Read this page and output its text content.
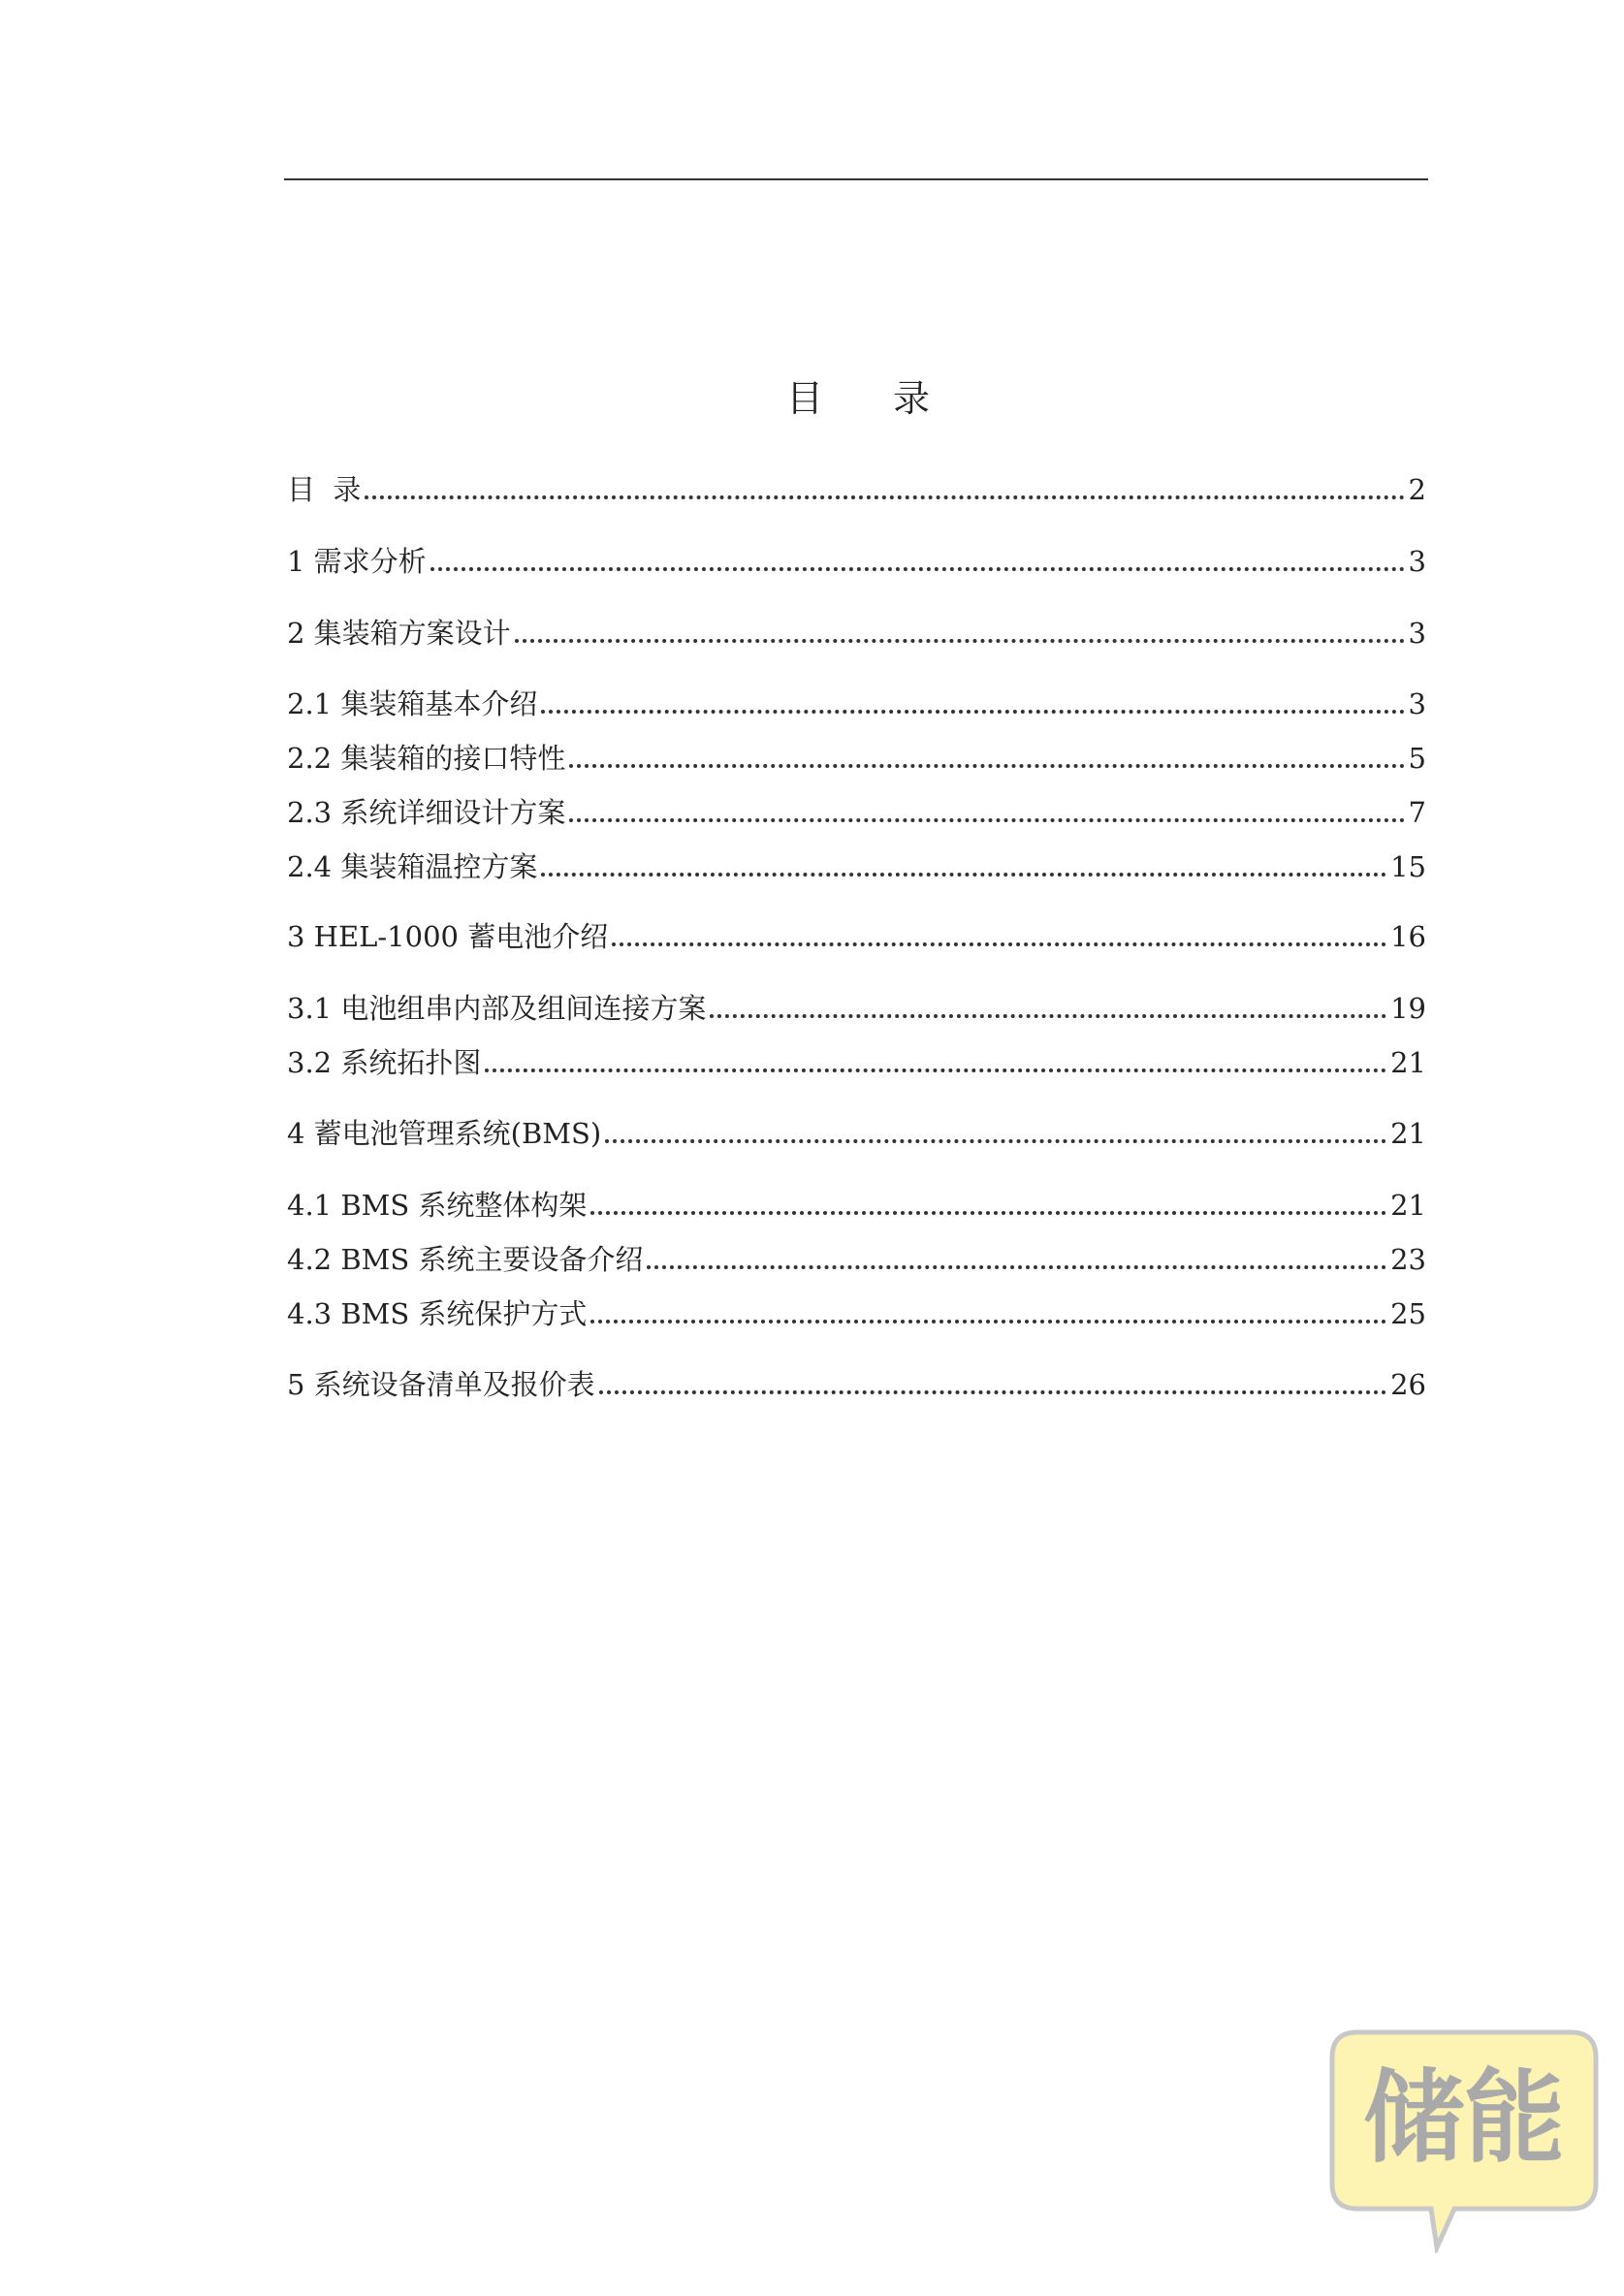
目 录
目  录	2
1 需求分析	3
2 集装箱方案设计	3
2.1 集装箱基本介绍	3
2.2 集装箱的接口特性	5
2.3 系统详细设计方案	7
2.4 集装箱温控方案	15
3 HEL-1000 蓄电池介绍	16
3.1 电池组串内部及组间连接方案	19
3.2 系统拓扑图	21
4 蓄电池管理系统(BMS)	21
4.1 BMS 系统整体构架	21
4.2 BMS 系统主要设备介绍	23
4.3 BMS 系统保护方式	25
5 系统设备清单及报价表	26
储能
